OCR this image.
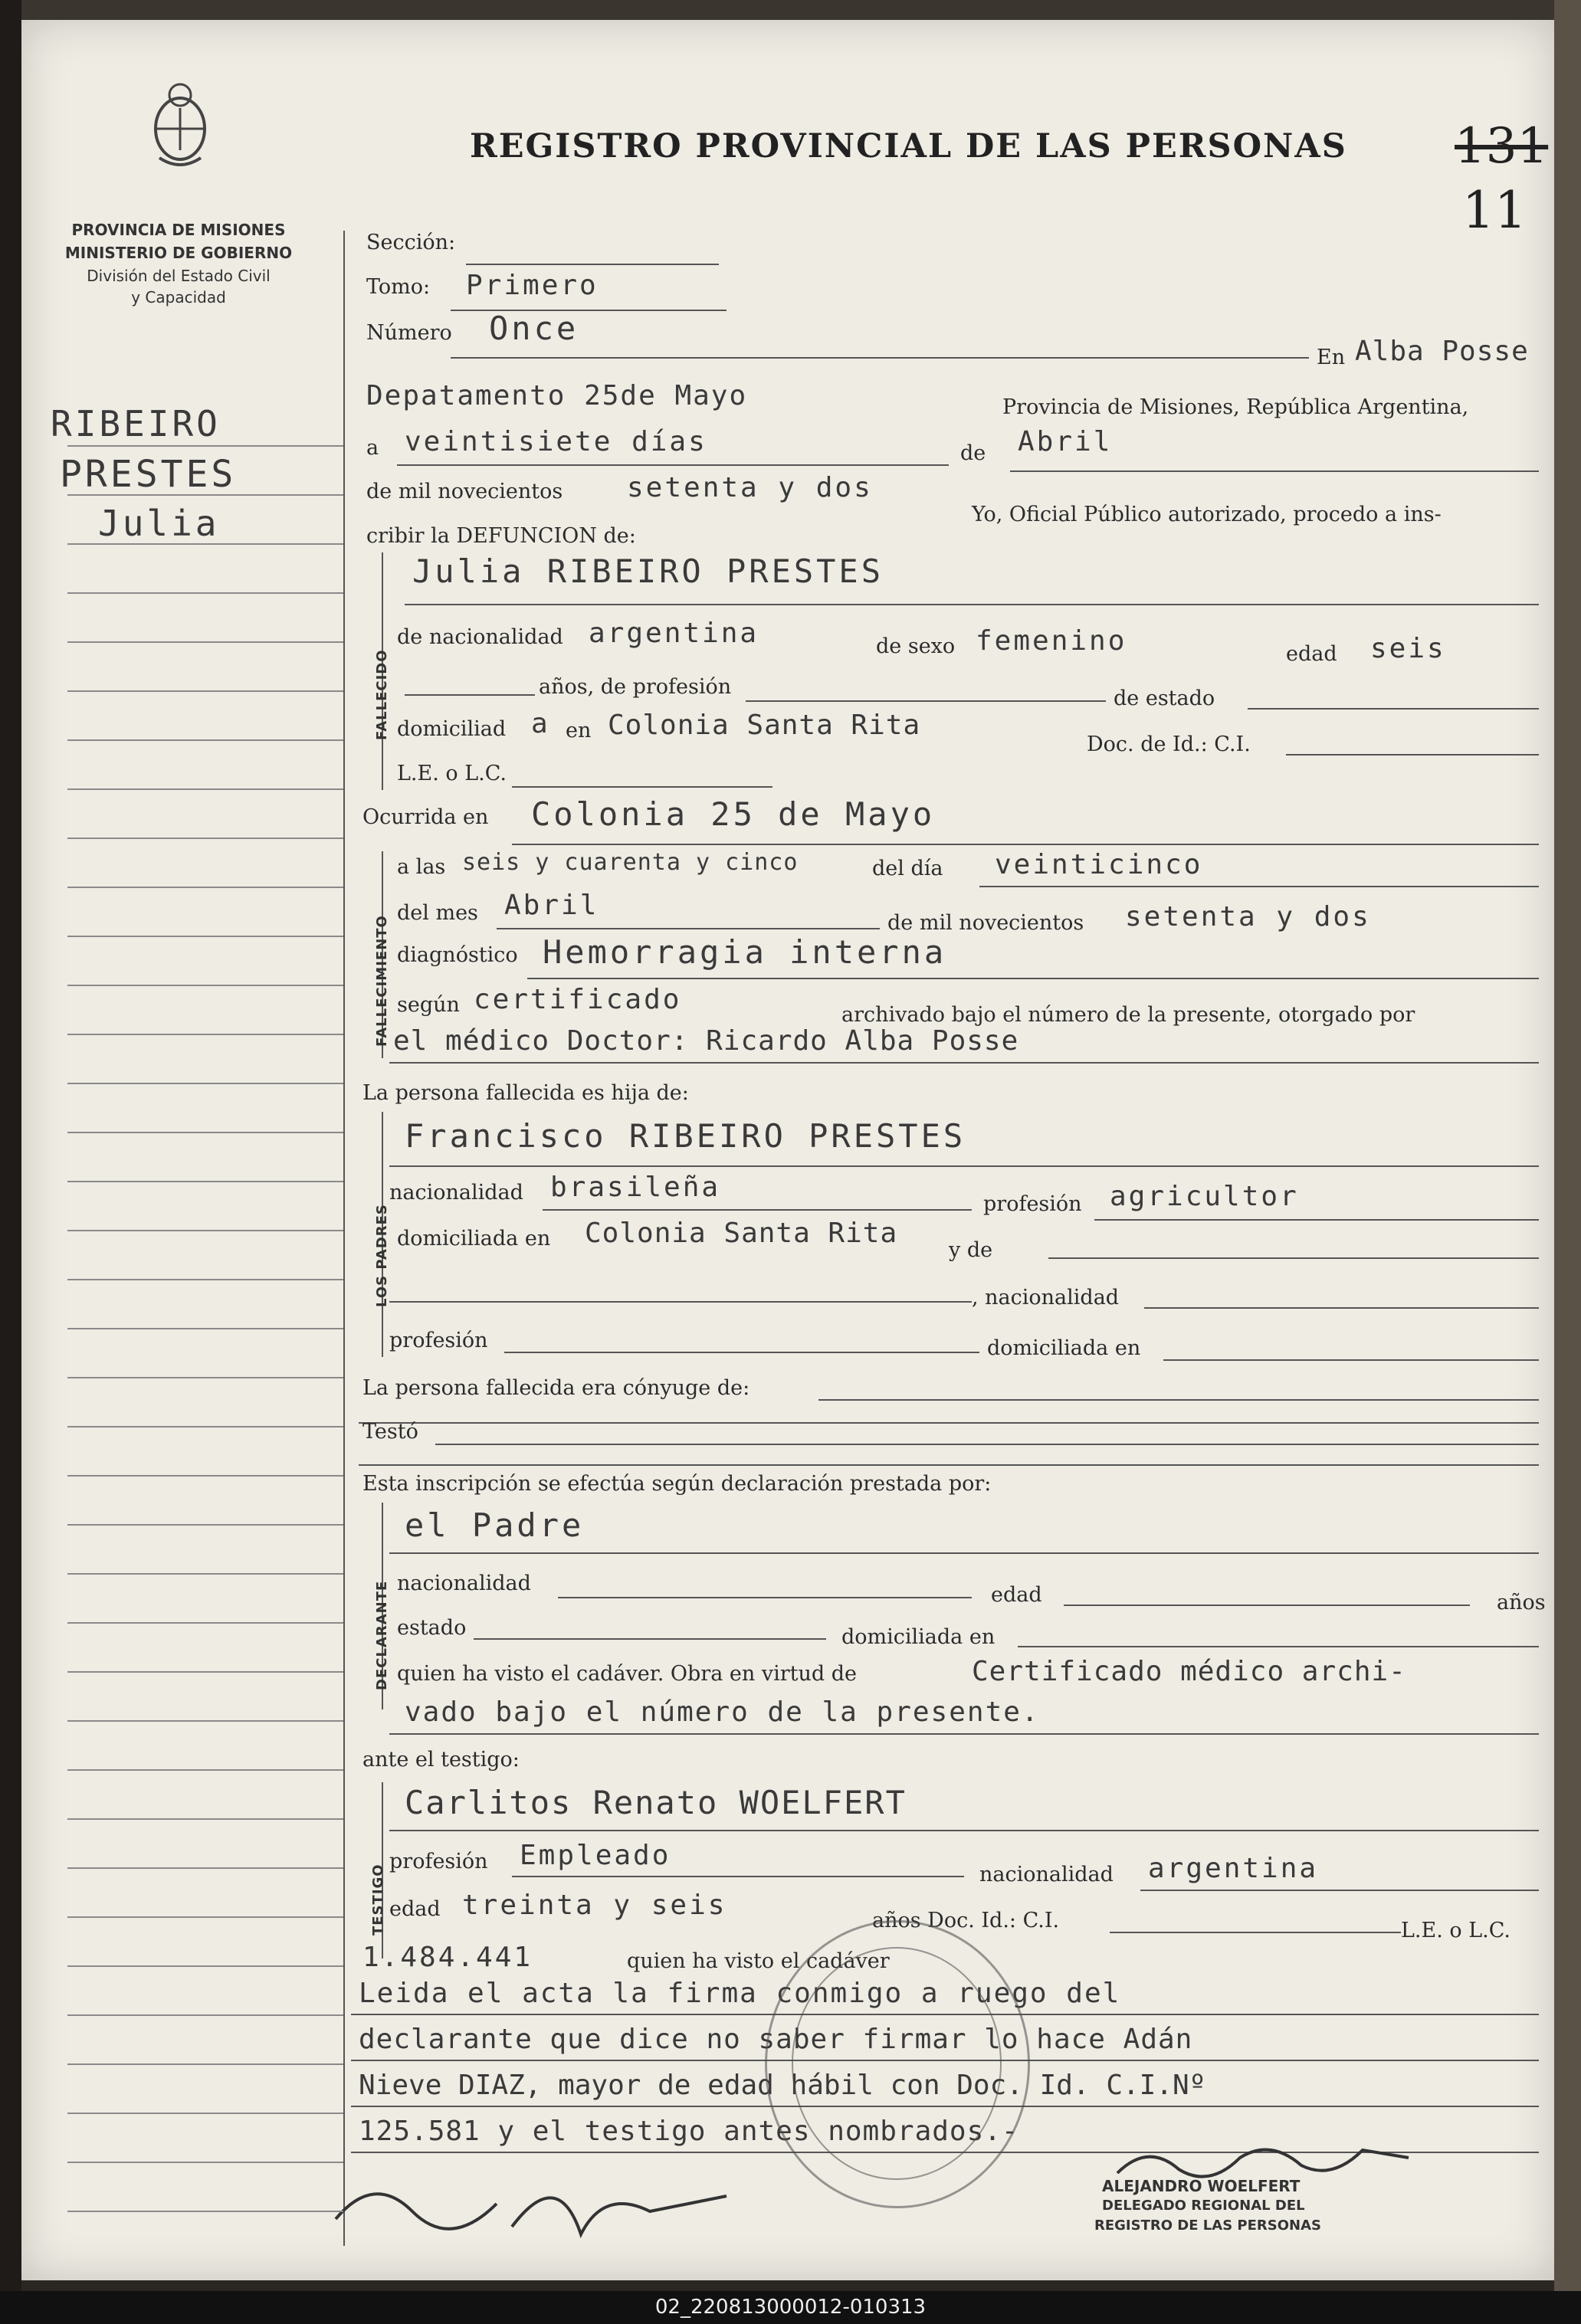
PROVINCIA DE MISIONES
MINISTERIO DE GOBIERNO
División del Estado Civil
y Capacidad
REGISTRO PROVINCIAL DE LAS PERSONAS 131
11
RIBEIRO
PRESTES
Julia
Sección:
Tomo: Primero
Número Once
En Alba Posse
Depatamento 25de Mayo	Provincia de Misiones, República Argentina,
a veintisiete días	de Abril
de mil novecientos setenta y dos
Yo, Oficial Público autorizado, procedo a ins-
cribir la DEFUNCION de:
FALLECIDO
Julia RIBEIRO PRESTES
de nacionalidad argentina	de sexo femenino	edad seis
años, de profesión	de estado
domiciliad a en Colonia Santa Rita
Doc. de Id.: C.I.
L.E. o L.C.
Ocurrida en Colonia 25 de Mayo
FALLECIMIENTO
a las seis y cuarenta y cinco	del día veinticinco
del mes Abril
de mil novecientos setenta y dos
diagnóstico Hemorragia interna
según certificado	archivado bajo el número de la presente, otorgado por
el médico Doctor: Ricardo Alba Posse
La persona fallecida es hija de:
LOS PADRES
Francisco RIBEIRO PRESTES
nacionalidad brasileña
profesión agricultor
domiciliada en Colonia Santa Rita
y de
, nacionalidad
profesión	domiciliada en
La persona fallecida era cónyuge de:
Testó
Esta inscripción se efectúa según declaración prestada por:
DECLARANTE
el Padre
nacionalidad	edad	años
estado	domiciliada en
quien ha visto el cadáver. Obra en virtud de	Certificado médico archi-
vado bajo el número de la presente.
ante el testigo:
TESTIGO
Carlitos Renato WOELFERT
profesión Empleado
nacionalidad argentina
edad treinta y seis	años Doc. Id.: C.I.	L.E. o L.C.
1.484.441	quien ha visto el cadáver
Leida el acta la firma conmigo a ruego del
declarante que dice no saber firmar lo hace Adán
Nieve DIAZ, mayor de edad hábil con Doc. Id. C.I.Nº
125.581 y el testigo antes nombrados.-
ALEJANDRO WOELFERT
DELEGADO REGIONAL DEL
REGISTRO DE LAS PERSONAS
02_220813000012-010313
